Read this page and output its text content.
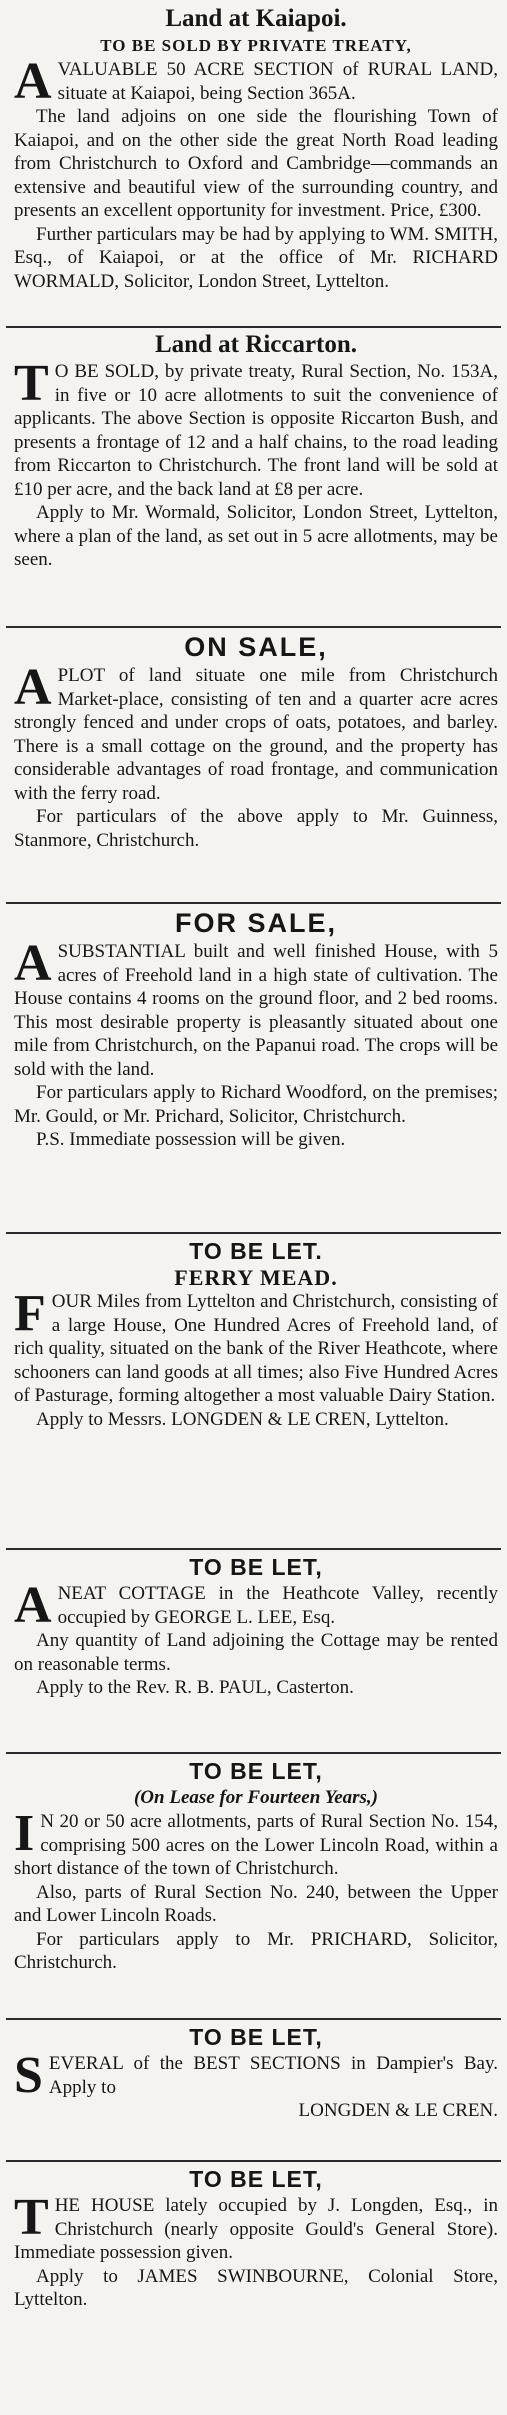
Land at Kaiapoi.
TO BE SOLD BY PRIVATE TREATY,

AVALUABLE 50 ACRE SECTION of RURAL LAND, situate at Kaiapoi, being Section 365A.

The land adjoins on one side the flourishing Town of Kaiapoi, and on the other side the great North Road leading from Christchurch to Oxford and Cambridge—commands an extensive and beautiful view of the surrounding country, and presents an excellent opportunity for investment. Price, £300.

Further particulars may be had by applying to WM. SMITH, Esq., of Kaiapoi, or at the office of Mr. RICHARD WORMALD, Solicitor, London Street, Lyttelton.

Land at Riccarton.

TO BE SOLD, by private treaty, Rural Section, No. 153A, in five or 10 acre allotments to suit the convenience of applicants. The above Section is opposite Riccarton Bush, and presents a frontage of 12 and a half chains, to the road leading from Riccarton to Christchurch. The front land will be sold at £10 per acre, and the back land at £8 per acre.

Apply to Mr. Wormald, Solicitor, London Street, Lyttelton, where a plan of the land, as set out in 5 acre allotments, may be seen.

ON SALE,

APLOT of land situate one mile from Christchurch Market-place, consisting of ten and a quarter acre acres strongly fenced and under crops of oats, potatoes, and barley. There is a small cottage on the ground, and the property has considerable advantages of road frontage, and communication with the ferry road.

For particulars of the above apply to Mr. Guinness, Stanmore, Christchurch.

FOR SALE,

ASUBSTANTIAL built and well finished House, with 5 acres of Freehold land in a high state of cultivation. The House contains 4 rooms on the ground floor, and 2 bed rooms. This most desirable property is pleasantly situated about one mile from Christchurch, on the Papanui road. The crops will be sold with the land.

For particulars apply to Richard Woodford, on the premises; Mr. Gould, or Mr. Prichard, Solicitor, Christchurch.

P.S. Immediate possession will be given.

TO BE LET.
FERRY MEAD.

FOUR Miles from Lyttelton and Christchurch, consisting of a large House, One Hundred Acres of Freehold land, of rich quality, situated on the bank of the River Heathcote, where schooners can land goods at all times; also Five Hundred Acres of Pasturage, forming altogether a most valuable Dairy Station.

Apply to Messrs. LONGDEN & LE CREN, Lyttelton.

TO BE LET,

ANEAT COTTAGE in the Heathcote Valley, recently occupied by GEORGE L. LEE, Esq.

Any quantity of Land adjoining the Cottage may be rented on reasonable terms.

Apply to the Rev. R. B. PAUL, Casterton.

TO BE LET,
(On Lease for Fourteen Years,)

IN 20 or 50 acre allotments, parts of Rural Section No. 154, comprising 500 acres on the Lower Lincoln Road, within a short distance of the town of Christchurch.

Also, parts of Rural Section No. 240, between the Upper and Lower Lincoln Roads.

For particulars apply to Mr. PRICHARD, Solicitor, Christchurch.

TO BE LET,

SEVERAL of the BEST SECTIONS in Dampier's Bay. Apply to

LONGDEN & LE CREN.

TO BE LET,

THE HOUSE lately occupied by J. Longden, Esq., in Christchurch (nearly opposite Gould's General Store). Immediate possession given.

Apply to JAMES SWINBOURNE, Colonial Store, Lyttelton.
